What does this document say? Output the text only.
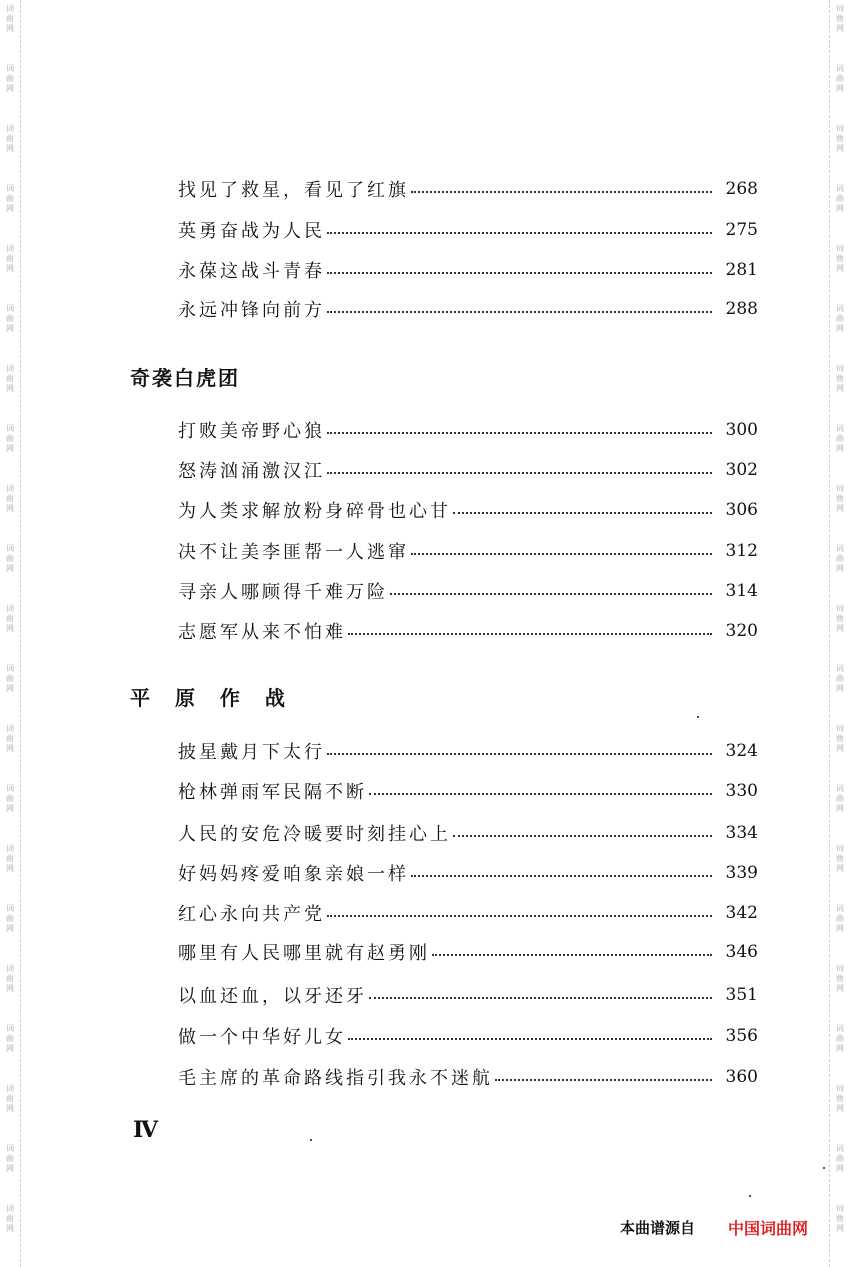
词
曲
网
词
曲
网
词
曲
网
词
曲
网
词
曲
网
词
曲
网
词
曲
网
词
曲
网
词
曲
网
词
曲
网
词
曲
网
词
曲
网
词
曲
网
词
曲
网
词
曲
网
词
曲
网
词
曲
网
词
曲
网
词
曲
网
词
曲
网
词
曲
网
词
曲
网
词
曲
网
词
曲
网
词
曲
网
词
曲
网
词
曲
网
词
曲
网
词
曲
网
词
曲
网
词
曲
网
词
曲
网
词
曲
网
词
曲
网
词
曲
网
词
曲
网
词
曲
网
词
曲
网
词
曲
网
词
曲
网
词
曲
网
词
曲
网
找见了救星，看见了红旗	268
英勇奋战为人民	275
永葆这战斗青春	281
永远冲锋向前方	288
奇袭白虎团
打败美帝野心狼	300
怒涛汹涌激汉江	302
为人类求解放粉身碎骨也心甘	306
决不让美李匪帮一人逃窜	312
寻亲人哪顾得千难万险	314
志愿军从来不怕难	320
平 原 作 战
披星戴月下太行	324
枪林弹雨军民隔不断	330
人民的安危冷暖要时刻挂心上	334
好妈妈疼爱咱象亲娘一样	339
红心永向共产党	342
哪里有人民哪里就有赵勇刚	346
以血还血，以牙还牙	351
做一个中华好儿女	356
毛主席的革命路线指引我永不迷航	360
Ⅳ
本曲谱源自 中国词曲网
